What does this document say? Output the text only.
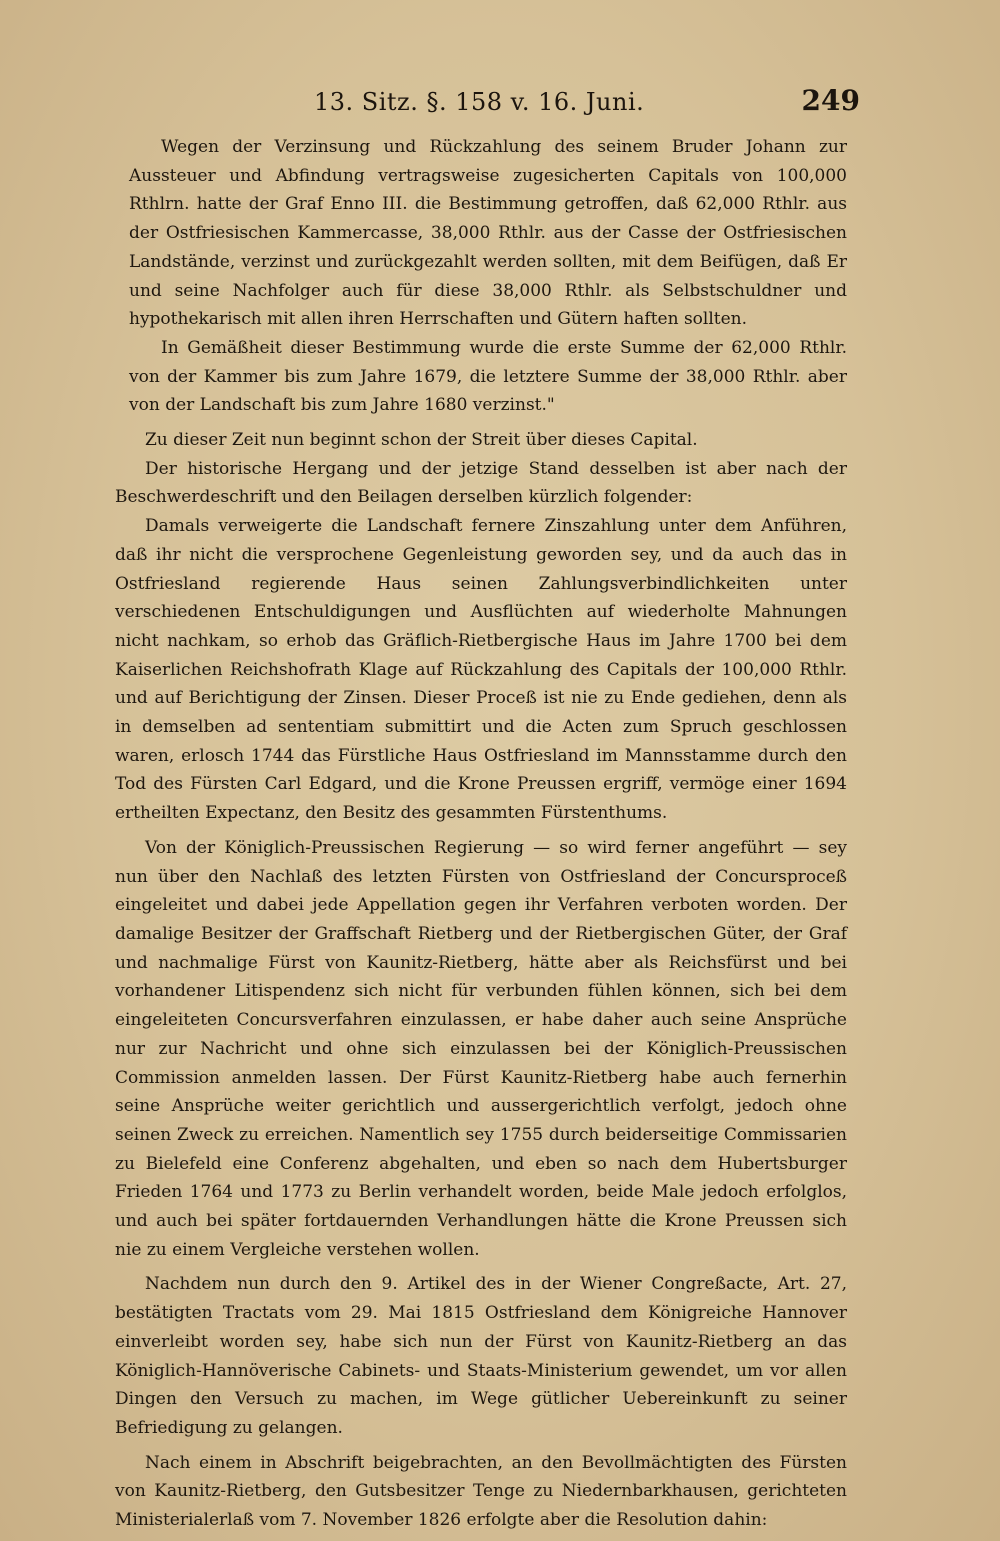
13. Sitz. §. 158 v. 16. Juni.	249

Wegen der Verzinsung und Rückzahlung des seinem Bruder Johann zur Aussteuer und Abfindung vertragsweise zugesicherten Capitals von 100,000 Rthlrn. hatte der Graf Enno III. die Bestimmung getroffen, daß 62,000 Rthlr. aus der Ostfriesischen Kammercasse, 38,000 Rthlr. aus der Casse der Ostfriesischen Landstände, verzinst und zurückgezahlt werden sollten, mit dem Beifügen, daß Er und seine Nachfolger auch für diese 38,000 Rthlr. als Selbstschuldner und hypothekarisch mit allen ihren Herrschaften und Gütern haften sollten.

In Gemäßheit dieser Bestimmung wurde die erste Summe der 62,000 Rthlr. von der Kammer bis zum Jahre 1679, die letztere Summe der 38,000 Rthlr. aber von der Landschaft bis zum Jahre 1680 verzinst."

Zu dieser Zeit nun beginnt schon der Streit über dieses Capital.

Der historische Hergang und der jetzige Stand desselben ist aber nach der Beschwerdeschrift und den Beilagen derselben kürzlich folgender:

Damals verweigerte die Landschaft fernere Zinszahlung unter dem Anführen, daß ihr nicht die versprochene Gegenleistung geworden sey, und da auch das in Ostfriesland regierende Haus seinen Zahlungsverbindlichkeiten unter verschiedenen Entschuldigungen und Ausflüchten auf wiederholte Mahnungen nicht nachkam, so erhob das Gräflich-Rietbergische Haus im Jahre 1700 bei dem Kaiserlichen Reichshofrath Klage auf Rückzahlung des Capitals der 100,000 Rthlr. und auf Berichtigung der Zinsen. Dieser Proceß ist nie zu Ende gediehen, denn als in demselben ad sententiam submittirt und die Acten zum Spruch geschlossen waren, erlosch 1744 das Fürstliche Haus Ostfriesland im Mannsstamme durch den Tod des Fürsten Carl Edgard, und die Krone Preussen ergriff, vermöge einer 1694 ertheilten Expectanz, den Besitz des gesammten Fürstenthums.

Von der Königlich-Preussischen Regierung — so wird ferner angeführt — sey nun über den Nachlaß des letzten Fürsten von Ostfriesland der Concursproceß eingeleitet und dabei jede Appellation gegen ihr Verfahren verboten worden. Der damalige Besitzer der Graffschaft Rietberg und der Rietbergischen Güter, der Graf und nachmalige Fürst von Kaunitz-Rietberg, hätte aber als Reichsfürst und bei vorhandener Litispendenz sich nicht für verbunden fühlen können, sich bei dem eingeleiteten Concursverfahren einzulassen, er habe daher auch seine Ansprüche nur zur Nachricht und ohne sich einzulassen bei der Königlich-Preussischen Commission anmelden lassen. Der Fürst Kaunitz-Rietberg habe auch fernerhin seine Ansprüche weiter gerichtlich und aussergerichtlich verfolgt, jedoch ohne seinen Zweck zu erreichen. Namentlich sey 1755 durch beiderseitige Commissarien zu Bielefeld eine Conferenz abgehalten, und eben so nach dem Hubertsburger Frieden 1764 und 1773 zu Berlin verhandelt worden, beide Male jedoch erfolglos, und auch bei später fortdauernden Verhandlungen hätte die Krone Preussen sich nie zu einem Vergleiche verstehen wollen.

Nachdem nun durch den 9. Artikel des in der Wiener Congreßacte, Art. 27, bestätigten Tractats vom 29. Mai 1815 Ostfriesland dem Königreiche Hannover einverleibt worden sey, habe sich nun der Fürst von Kaunitz-Rietberg an das Königlich-Hannöverische Cabinets- und Staats-Ministerium gewendet, um vor allen Dingen den Versuch zu machen, im Wege gütlicher Uebereinkunft zu seiner Befriedigung zu gelangen.

Nach einem in Abschrift beigebrachten, an den Bevollmächtigten des Fürsten von Kaunitz-Rietberg, den Gutsbesitzer Tenge zu Niedernbarkhausen, gerichteten Ministerialerlaß vom 7. November 1826 erfolgte aber die Resolution dahin:
